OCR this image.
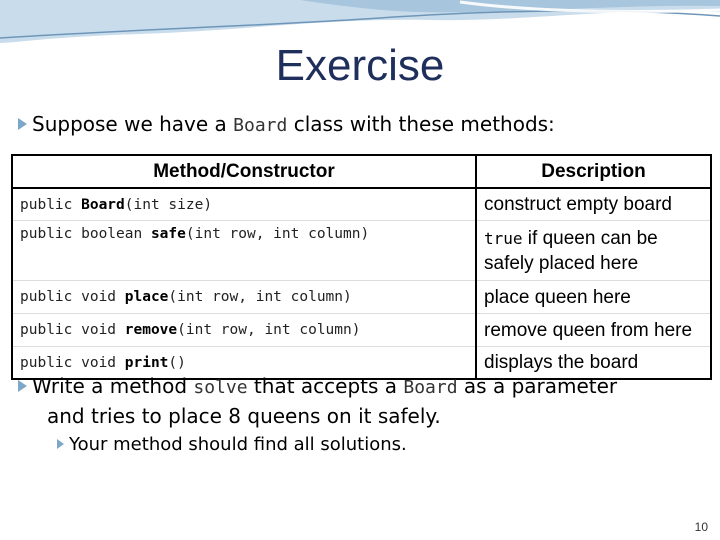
Exercise
Suppose we have a Board class with these methods:
Method/Constructor	Description
public Board(int size)	construct empty board
public boolean safe(int row, int column)	true if queen can be safely placed here
public void place(int row, int column)	place queen here
public void remove(int row, int column)	remove queen from here
public void print()	displays the board
Write a method solve that accepts a Board as a parameter
and tries to place 8 queens on it safely.
Your method should find all solutions.
10
